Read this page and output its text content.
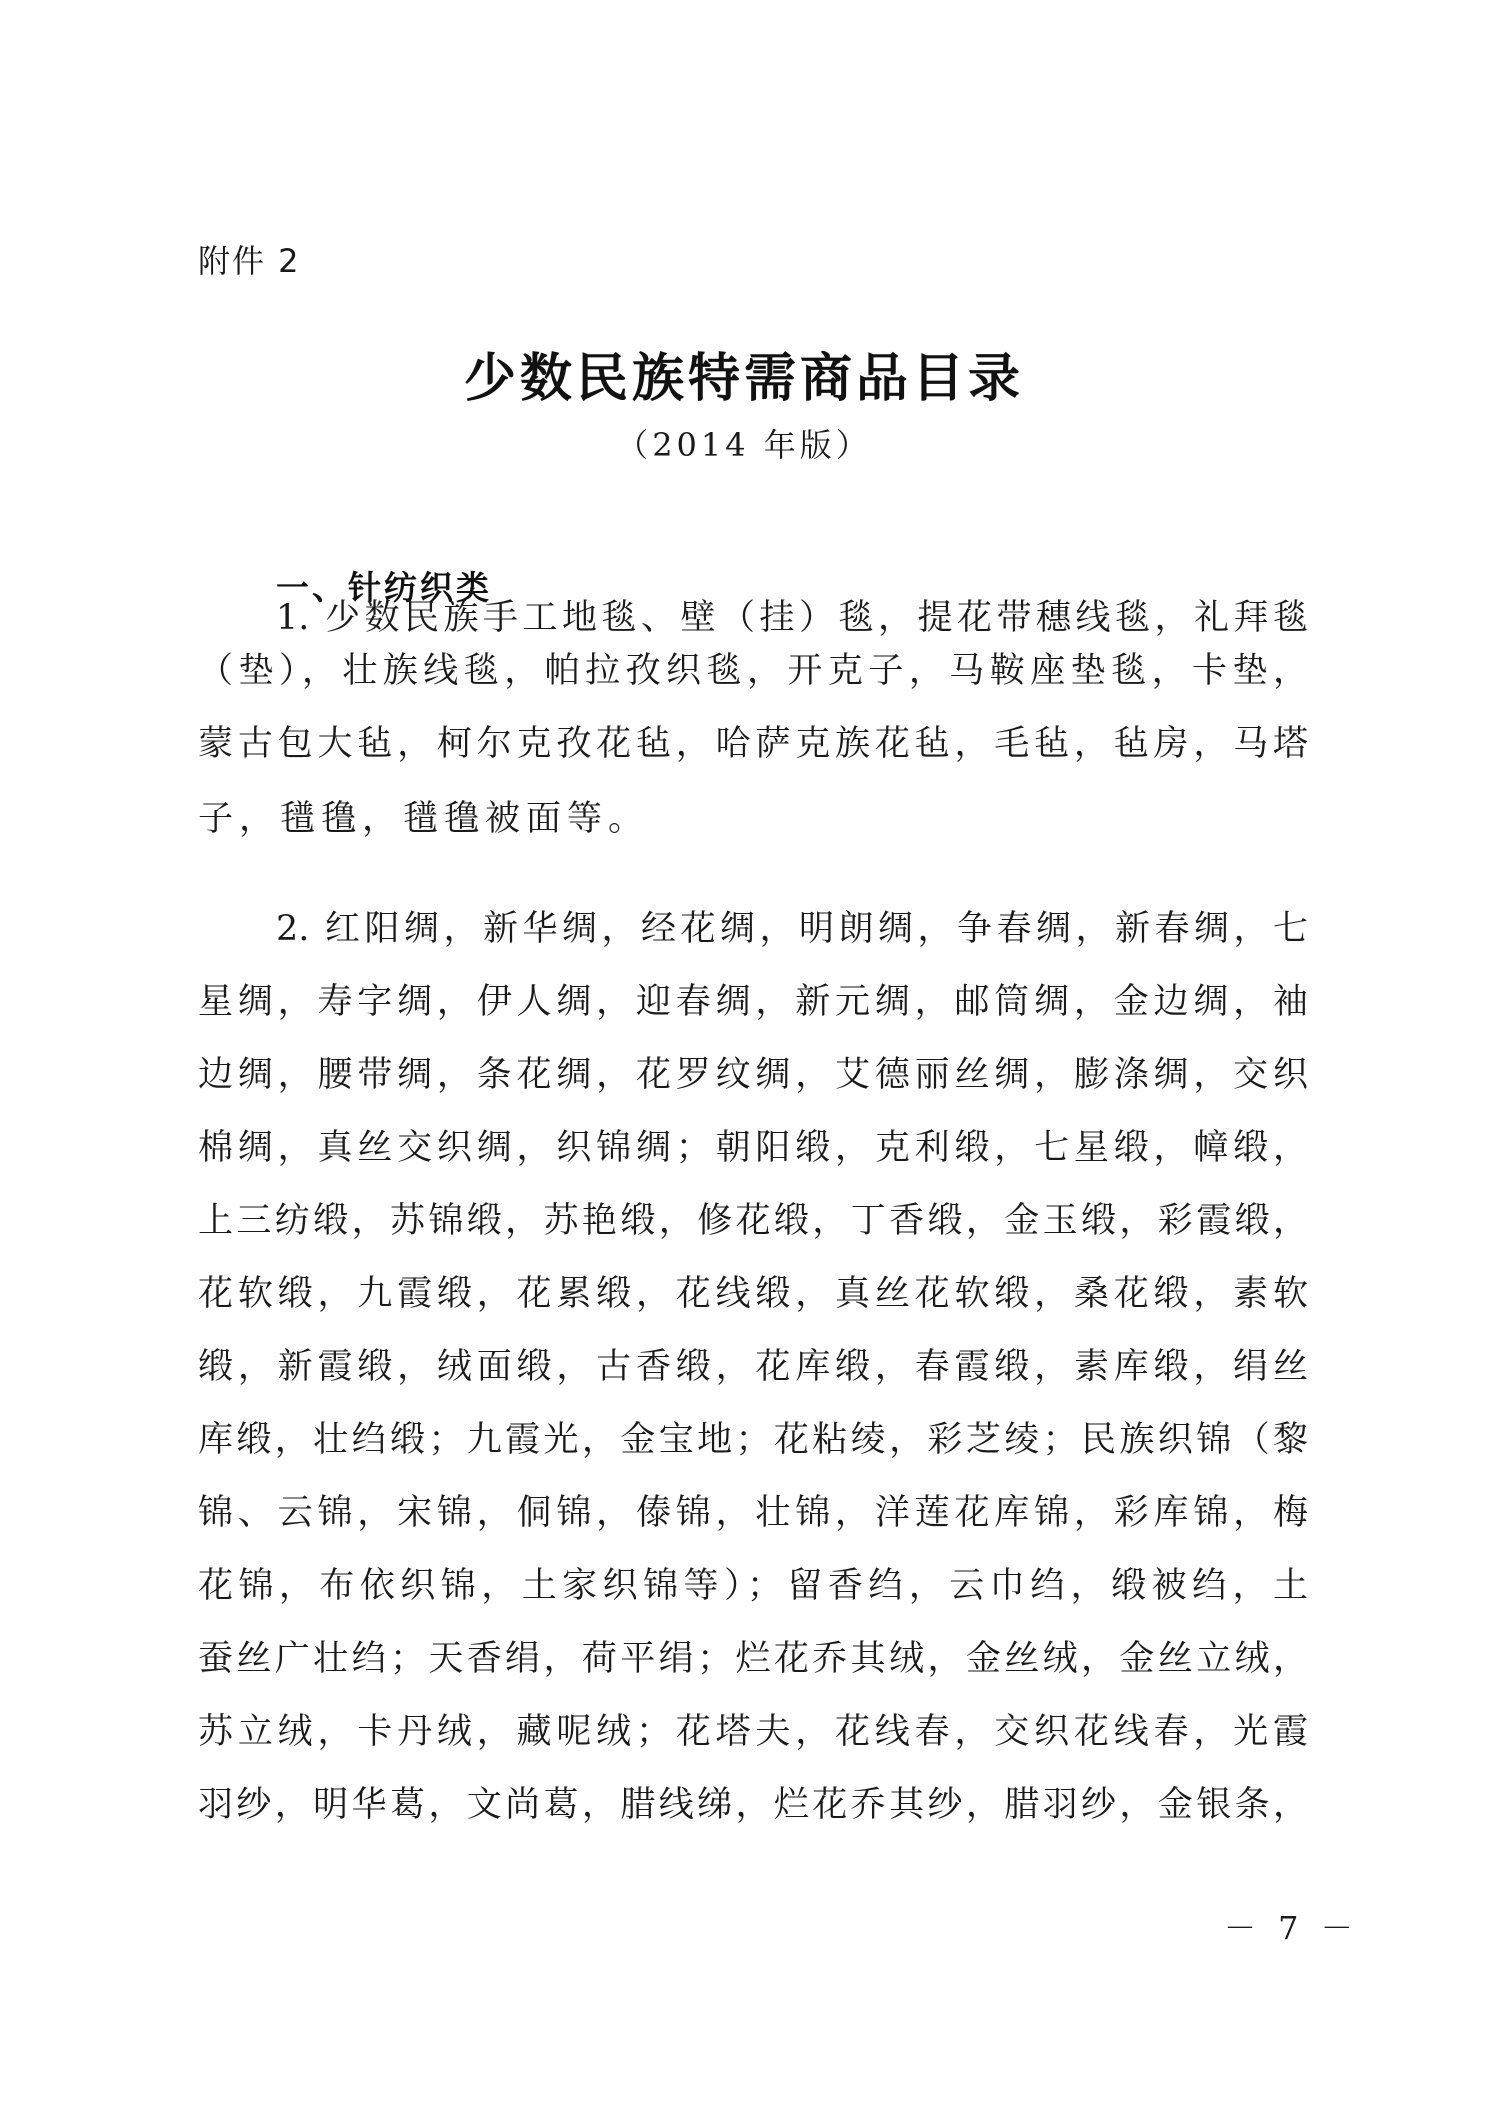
附件 2
少数民族特需商品目录
（2014 年版）
一、针纺织类
1. 少数民族手工地毯、壁（挂）毯，提花带穗线毯，礼拜毯
（垫），壮族线毯，帕拉孜织毯，开克子，马鞍座垫毯，卡垫，
蒙古包大毡，柯尔克孜花毡，哈萨克族花毡，毛毡，毡房，马塔
子，氆氇，氆氇被面等。
2. 红阳绸，新华绸，经花绸，明朗绸，争春绸，新春绸，七
星绸，寿字绸，伊人绸，迎春绸，新元绸，邮筒绸，金边绸，袖
边绸，腰带绸，条花绸，花罗纹绸，艾德丽丝绸，膨涤绸，交织
棉绸，真丝交织绸，织锦绸；朝阳缎，克利缎，七星缎，幛缎，
上三纺缎，苏锦缎，苏艳缎，修花缎，丁香缎，金玉缎，彩霞缎，
花软缎，九霞缎，花累缎，花线缎，真丝花软缎，桑花缎，素软
缎，新霞缎，绒面缎，古香缎，花库缎，春霞缎，素库缎，绢丝
库缎，壮绉缎；九霞光，金宝地；花粘绫，彩芝绫；民族织锦（黎
锦、云锦，宋锦，侗锦，傣锦，壮锦，洋莲花库锦，彩库锦，梅
花锦，布依织锦，土家织锦等）；留香绉，云巾绉，缎被绉，土
蚕丝广壮绉；天香绢，荷平绢；烂花乔其绒，金丝绒，金丝立绒，
苏立绒，卡丹绒，藏呢绒；花塔夫，花线春，交织花线春，光霞
羽纱，明华葛，文尚葛，腊线绨，烂花乔其纱，腊羽纱，金银条，
－ 7 －
